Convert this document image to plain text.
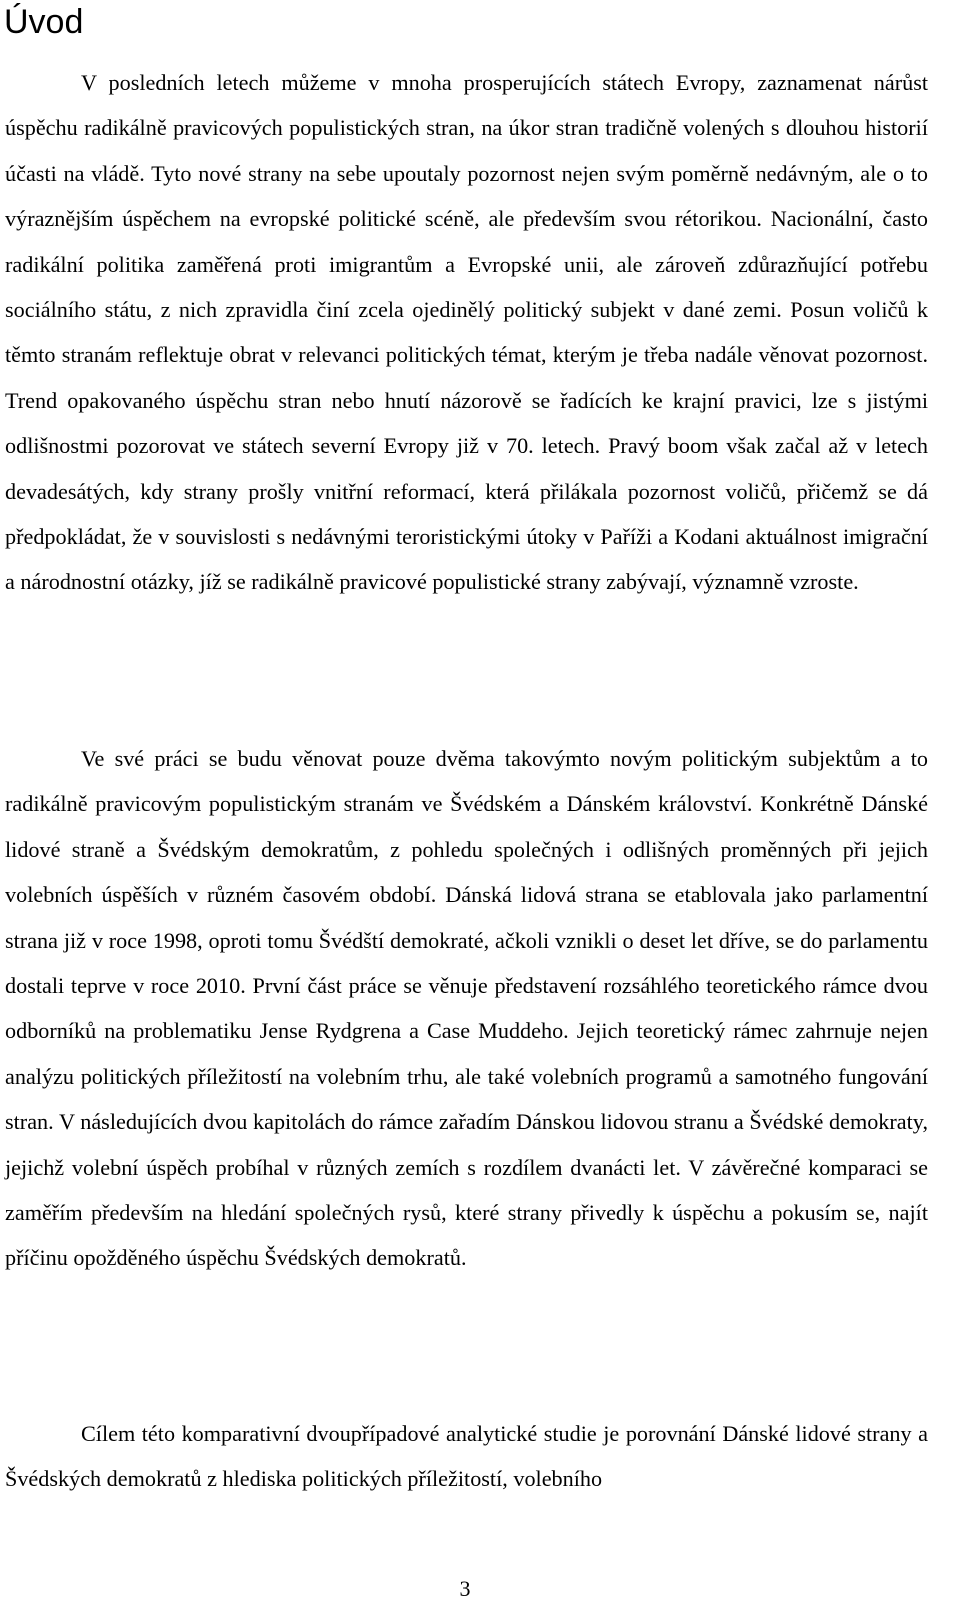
Úvod

V posledních letech můžeme v mnoha prosperujících státech Evropy, zaznamenat nárůst úspěchu radikálně pravicových populistických stran, na úkor stran tradičně volených s dlouhou historií účasti na vládě. Tyto nové strany na sebe upoutaly pozornost nejen svým poměrně nedávným, ale o to výraznějším úspěchem na evropské politické scéně, ale především svou rétorikou. Nacionální, často radikální politika zaměřená proti imigrantům a Evropské unii, ale zároveň zdůrazňující potřebu sociálního státu, z nich zpravidla činí zcela ojedinělý politický subjekt v dané zemi. Posun voličů k těmto stranám reflektuje obrat v relevanci politických témat, kterým je třeba nadále věnovat pozornost. Trend opakovaného úspěchu stran nebo hnutí názorově se řadících ke krajní pravici, lze s jistými odlišnostmi pozorovat ve státech severní Evropy již v 70. letech. Pravý boom však začal až v letech devadesátých, kdy strany prošly vnitřní reformací, která přilákala pozornost voličů, přičemž se dá předpokládat, že v souvislosti s nedávnými teroristickými útoky v Paříži a Kodani aktuálnost imigrační a národnostní otázky, jíž se radikálně pravicové populistické strany zabývají, významně vzroste.

Ve své práci se budu věnovat pouze dvěma takovýmto novým politickým subjektům a to radikálně pravicovým populistickým stranám ve Švédském a Dánském království. Konkrétně Dánské lidové straně a Švédským demokratům, z pohledu společných i odlišných proměnných při jejich volebních úspěších v různém časovém období. Dánská lidová strana se etablovala jako parlamentní strana již v roce 1998, oproti tomu Švédští demokraté, ačkoli vznikli o deset let dříve, se do parlamentu dostali teprve v roce 2010. První část práce se věnuje představení rozsáhlého teoretického rámce dvou odborníků na problematiku Jense Rydgrena a Case Muddeho. Jejich teoretický rámec zahrnuje nejen analýzu politických příležitostí na volebním trhu, ale také volebních programů a samotného fungování stran. V následujících dvou kapitolách do rámce zařadím Dánskou lidovou stranu a Švédské demokraty, jejichž volební úspěch probíhal v různých zemích s rozdílem dvanácti let. V závěrečné komparaci se zaměřím především na hledání společných rysů, které strany přivedly k úspěchu a pokusím se, najít příčinu opožděného úspěchu Švédských demokratů.

Cílem této komparativní dvoupřípadové analytické studie je porovnání Dánské lidové strany a Švédských demokratů z hlediska politických příležitostí, volebního

3
